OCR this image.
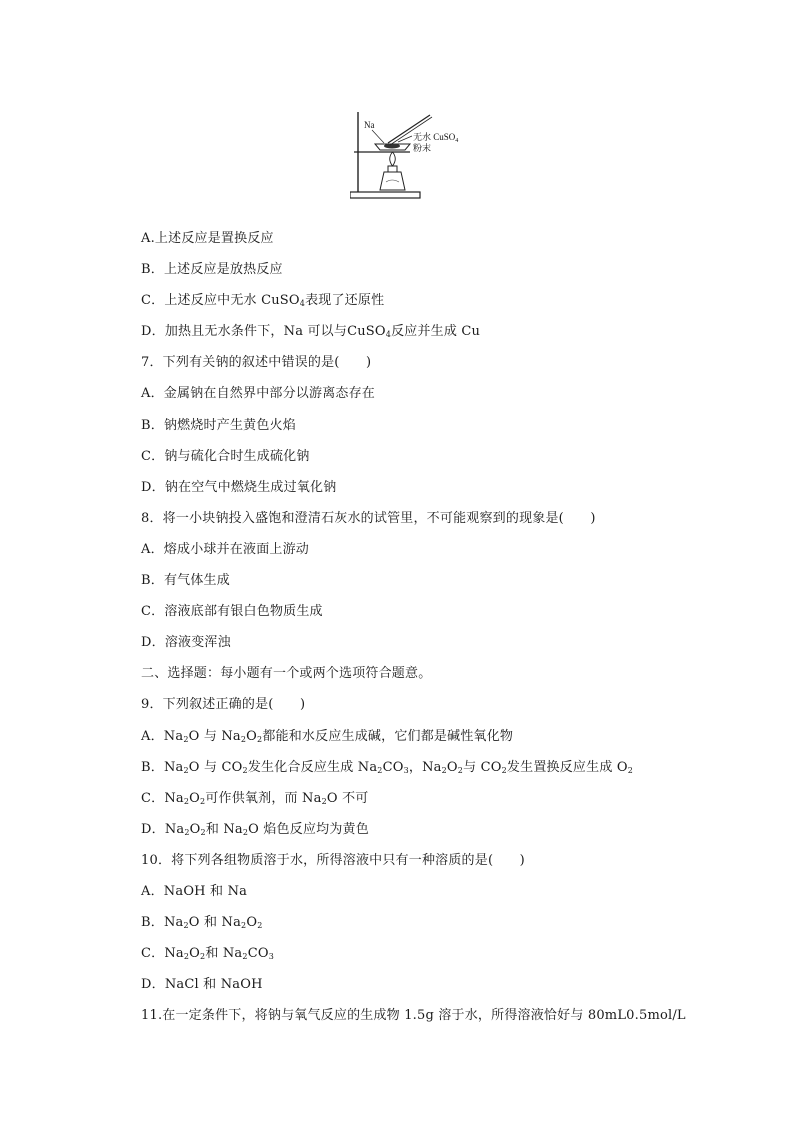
Na
无水 CuSO$_4$
粉末
A.上述反应是置换反应
B．上述反应是放热反应
C．上述反应中无水 CuSO$_4$表现了还原性
D．加热且无水条件下，Na 可以与CuSO$_4$反应并生成 Cu
7．下列有关钠的叙述中错误的是(　　)
A．金属钠在自然界中部分以游离态存在
B．钠燃烧时产生黄色火焰
C．钠与硫化合时生成硫化钠
D．钠在空气中燃烧生成过氧化钠
8．将一小块钠投入盛饱和澄清石灰水的试管里，不可能观察到的现象是(　　)
A．熔成小球并在液面上游动
B．有气体生成
C．溶液底部有银白色物质生成
D．溶液变浑浊
二、选择题：每小题有一个或两个选项符合题意。
9．下列叙述正确的是(　　)
A．$Na_2O$ 与 $Na_2O_2$都能和水反应生成碱，它们都是碱性氧化物
B．$Na_2O$ 与 $CO_2$发生化合反应生成 $Na_2CO_3$，$Na_2O_2$与 $CO_2$发生置换反应生成 $O_2$
C．$Na_2O_2$可作供氧剂，而 $Na_2O$ 不可
D．$Na_2O_2$和 $Na_2O$ 焰色反应均为黄色
10．将下列各组物质溶于水，所得溶液中只有一种溶质的是(　　)
A．NaOH 和 Na
B．$Na_2O$ 和 $Na_2O_2$
C．$Na_2O_2$和 $Na_2CO_3$
D．NaCl 和 NaOH
11.在一定条件下，将钠与氧气反应的生成物 1.5g 溶于水，所得溶液恰好与 80mL0.5mol/L
